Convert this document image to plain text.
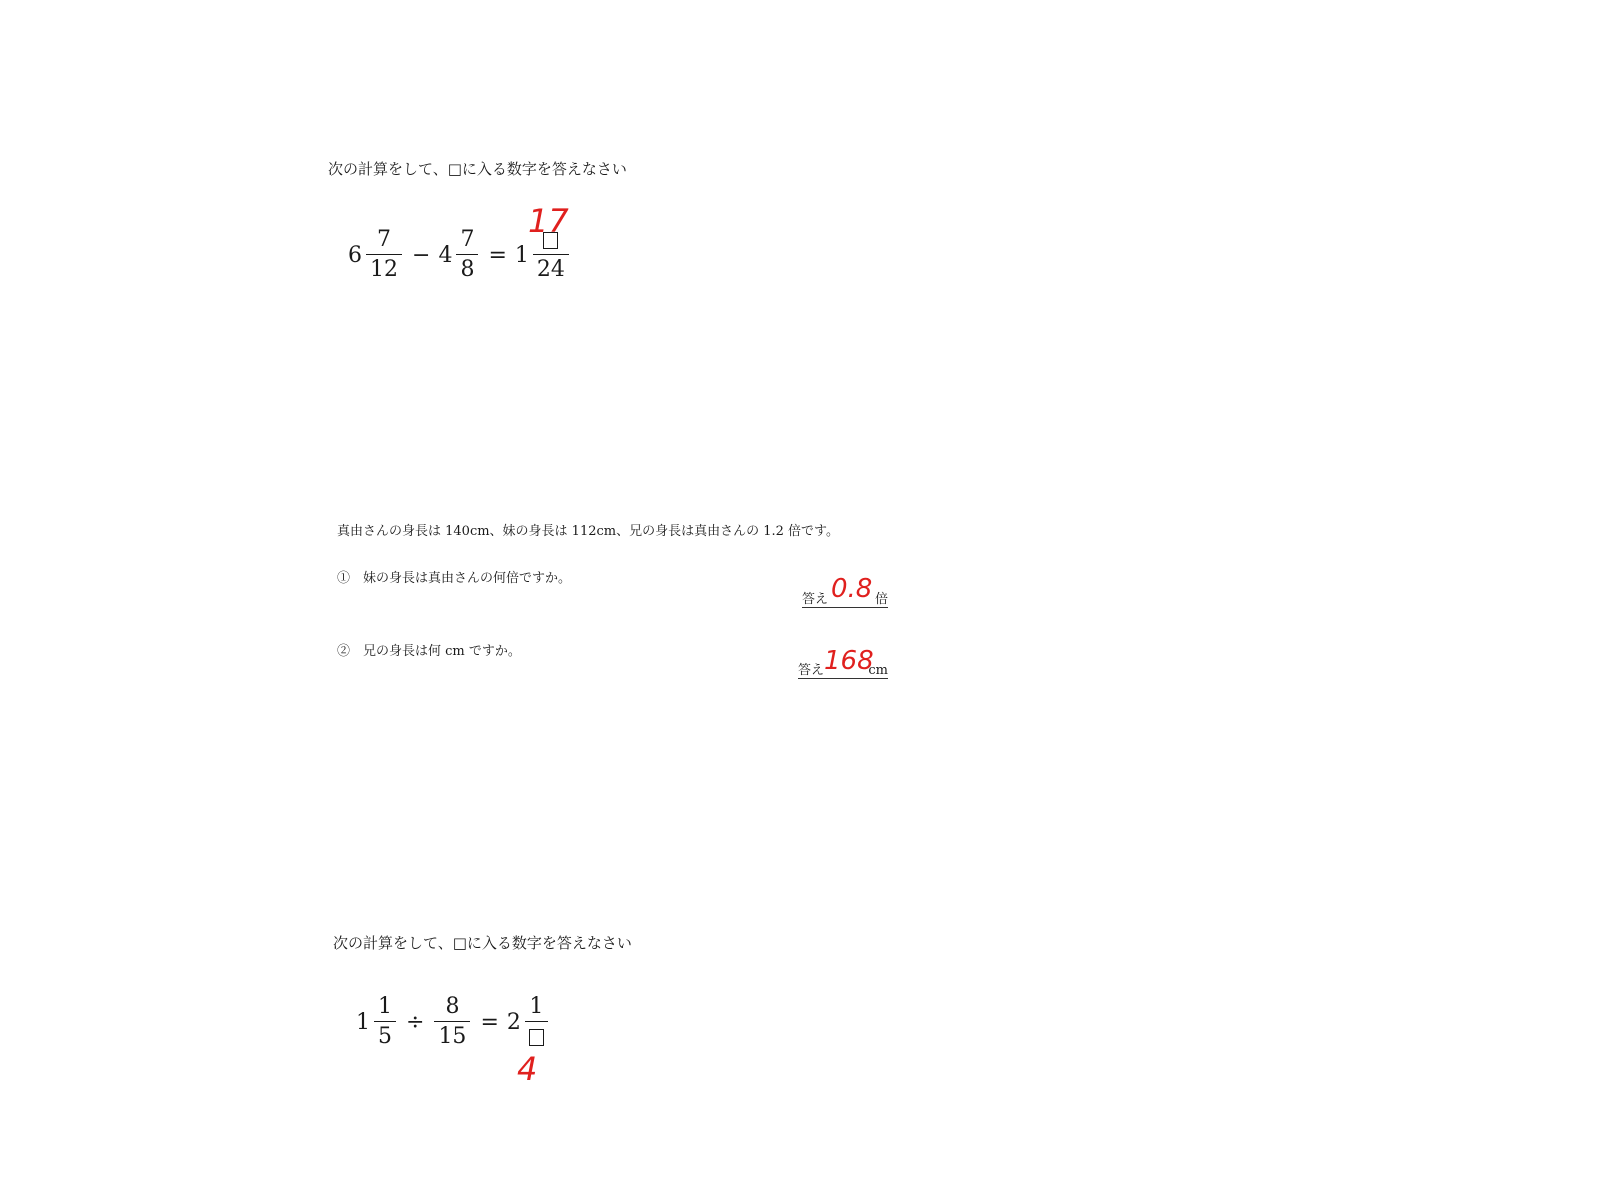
次の計算をして、□に入る数字を答えなさい
$6 \frac{7}{12} - 4 \frac{7}{8} = 1$
24
17
真由さんの身長は 140cm、妹の身長は 112cm、兄の身長は真由さんの 1.2 倍です。
①　妹の身長は真由さんの何倍ですか。
答え	倍
0.8
②　兄の身長は何 cm ですか。
答え	cm
168
次の計算をして、□に入る数字を答えなさい
$1 \frac{1}{5} \div \frac{8}{15} = 2$
1
4
